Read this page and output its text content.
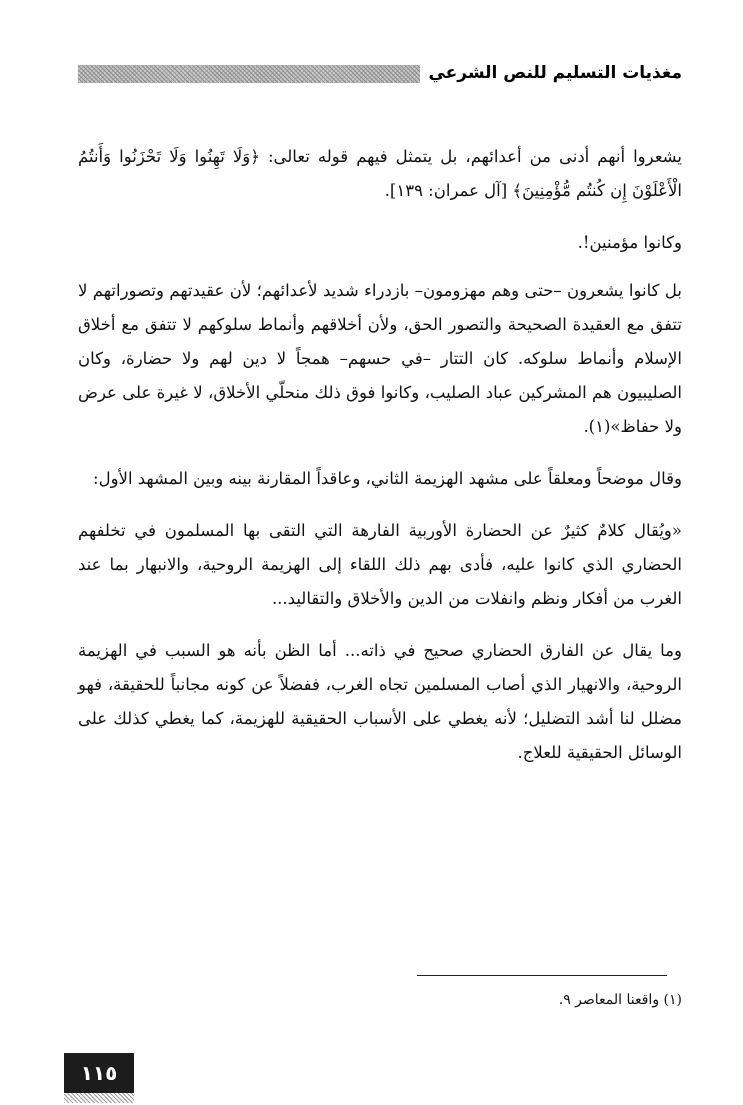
مغذيات التسليم للنص الشرعي

يشعروا أنهم أدنى من أعدائهم، بل يتمثل فيهم قوله تعالى: ﴿وَلَا تَهِنُوا وَلَا تَحْزَنُوا وَأَنتُمُ الْأَعْلَوْنَ إِن كُنتُم مُّؤْمِنِينَ﴾ [آل عمران: ١٣٩].

وكانوا مؤمنين!.

بل كانوا يشعرون –حتى وهم مهزومون– بازدراء شديد لأعدائهم؛ لأن عقيدتهم وتصوراتهم لا تتفق مع العقيدة الصحيحة والتصور الحق، ولأن أخلاقهم وأنماط سلوكهم لا تتفق مع أخلاق الإسلام وأنماط سلوكه. كان التتار –في حسهم– همجاً لا دين لهم ولا حضارة، وكان الصليبيون هم المشركين عباد الصليب، وكانوا فوق ذلك منحلّي الأخلاق، لا غيرة على عرض ولا حفاظ»(١).

وقال موضحاً ومعلقاً على مشهد الهزيمة الثاني، وعاقداً المقارنة بينه وبين المشهد الأول:

«ويُقال كلامٌ كثيرٌ عن الحضارة الأوربية الفارهة التي التقى بها المسلمون في تخلفهم الحضاري الذي كانوا عليه، فأدى بهم ذلك اللقاء إلى الهزيمة الروحية، والانبهار بما عند الغرب من أفكار ونظم وانفلات من الدين والأخلاق والتقاليد...

وما يقال عن الفارق الحضاري صحيح في ذاته... أما الظن بأنه هو السبب في الهزيمة الروحية، والانهيار الذي أصاب المسلمين تجاه الغرب، ففضلاً عن كونه مجانباً للحقيقة، فهو مضلل لنا أشد التضليل؛ لأنه يغطي على الأسباب الحقيقية للهزيمة، كما يغطي كذلك على الوسائل الحقيقية للعلاج.

(١) واقعنا المعاصر ٩.
١١٥
